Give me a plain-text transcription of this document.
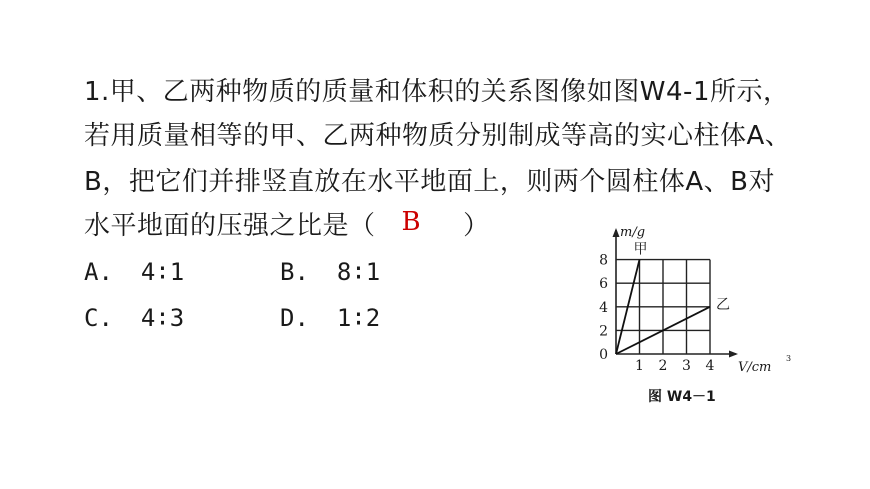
1.甲、乙两种物质的质量和体积的关系图像如图W4-1所示，
若用质量相等的甲、乙两种物质分别制成等高的实心柱体A、
B，把它们并排竖直放在水平地面上，则两个圆柱体A、B对
水平地面的压强之比是（ B ）
A. 4∶1	B. 8∶1
C. 4∶3	D. 1∶2
0
2
4
6
8
1 2 3 4
m/g
V/cm
3
甲
乙
图 W4－1
